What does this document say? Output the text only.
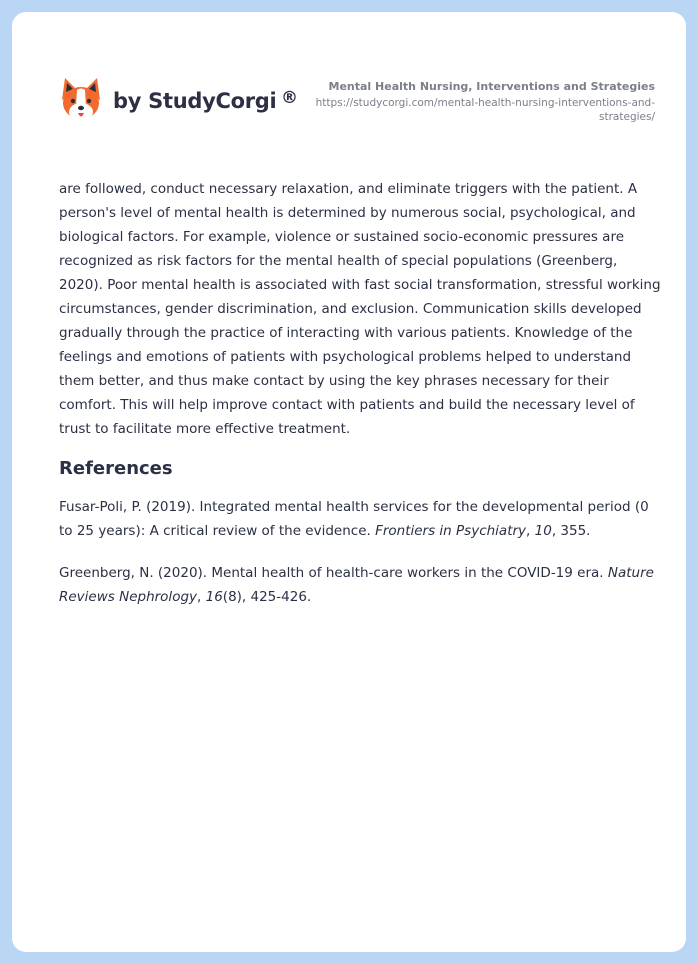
by StudyCorgi ®
Mental Health Nursing, Interventions and Strategies
https://studycorgi.com/mental-health-nursing-interventions-and-strategies/

are followed, conduct necessary relaxation, and eliminate triggers with the patient. A person's level of mental health is determined by numerous social, psychological, and biological factors. For example, violence or sustained socio-economic pressures are recognized as risk factors for the mental health of special populations (Greenberg, 2020). Poor mental health is associated with fast social transformation, stressful working circumstances, gender discrimination, and exclusion. Communication skills developed gradually through the practice of interacting with various patients. Knowledge of the feelings and emotions of patients with psychological problems helped to understand them better, and thus make contact by using the key phrases necessary for their comfort. This will help improve contact with patients and build the necessary level of trust to facilitate more effective treatment.

References

Fusar-Poli, P. (2019). Integrated mental health services for the developmental period (0 to 25 years): A critical review of the evidence. Frontiers in Psychiatry, 10, 355.

Greenberg, N. (2020). Mental health of health-care workers in the COVID-19 era. Nature Reviews Nephrology, 16(8), 425-426.
